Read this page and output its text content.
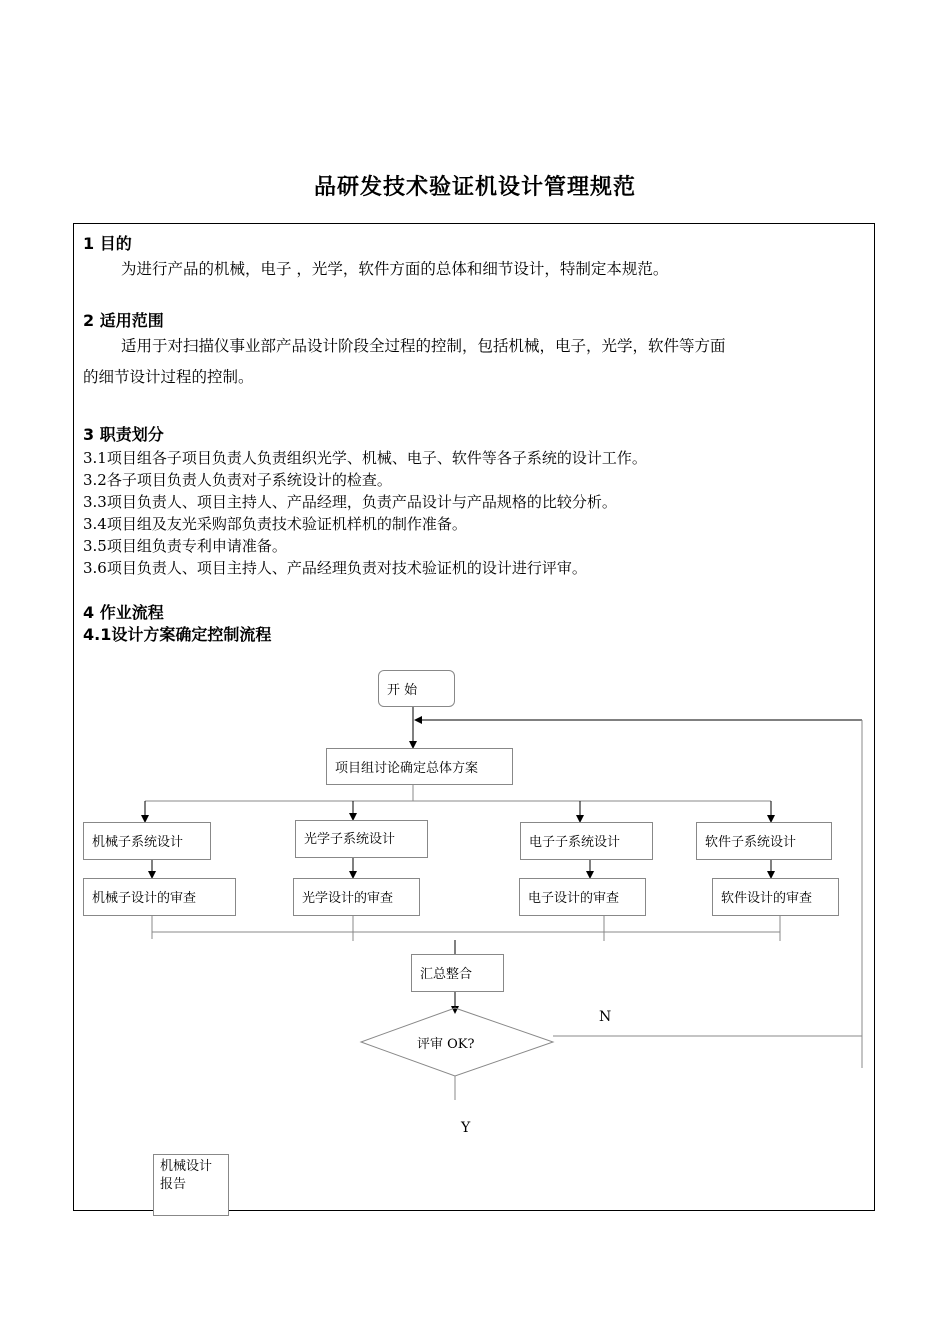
品研发技术验证机设计管理规范
1 目的
为进行产品的机械，电子 ，光学，软件方面的总体和细节设计，特制定本规范。
2 适用范围
适用于对扫描仪事业部产品设计阶段全过程的控制，包括机械，电子，光学，软件等方面
的细节设计过程的控制。
3 职责划分
3.1项目组各子项目负责人负责组织光学、机械、电子、软件等各子系统的设计工作。
3.2各子项目负责人负责对子系统设计的检查。
3.3项目负责人、项目主持人、产品经理，负责产品设计与产品规格的比较分析。
3.4项目组及友光采购部负责技术验证机样机的制作准备。
3.5项目组负责专利申请准备。
3.6项目负责人、项目主持人、产品经理负责对技术验证机的设计进行评审。
4 作业流程
4.1设计方案确定控制流程
开 始
项目组讨论确定总体方案
机械子系统设计	光学子系统设计	电子子系统设计	软件子系统设计
机械子设计的审查	光学设计的审查	电子设计的审查	软件设计的审查
汇总整合
评审 OK?
N
Y
机械设计报告
